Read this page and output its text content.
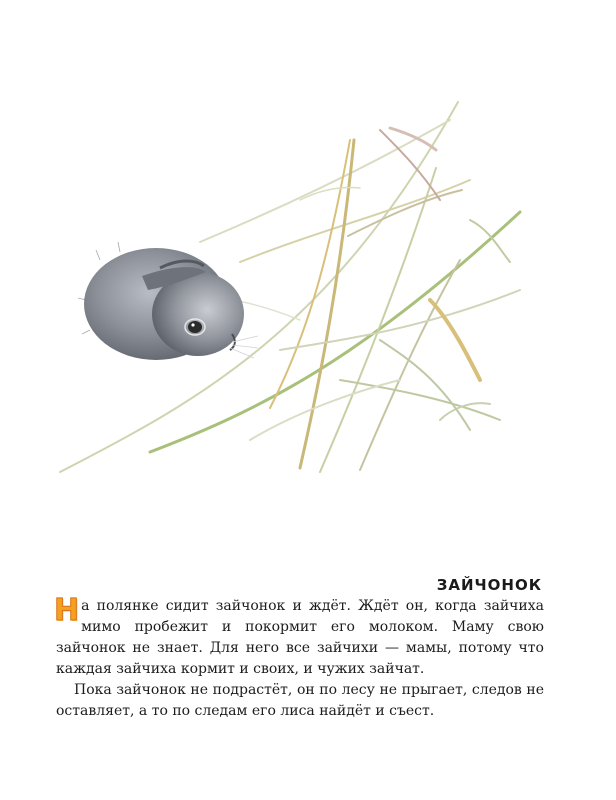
ЗАЙЧОНОК

На полянке сидит зайчонок и ждёт. Ждёт он, когда зайчиха мимо пробежит и покормит его молоком. Маму свою зайчонок не знает. Для него все зайчихи — мамы, потому что каждая зайчиха кормит и своих, и чужих зайчат.

Пока зайчонок не подрастёт, он по лесу не прыгает, следов не оставляет, а то по следам его лиса найдёт и съест.
